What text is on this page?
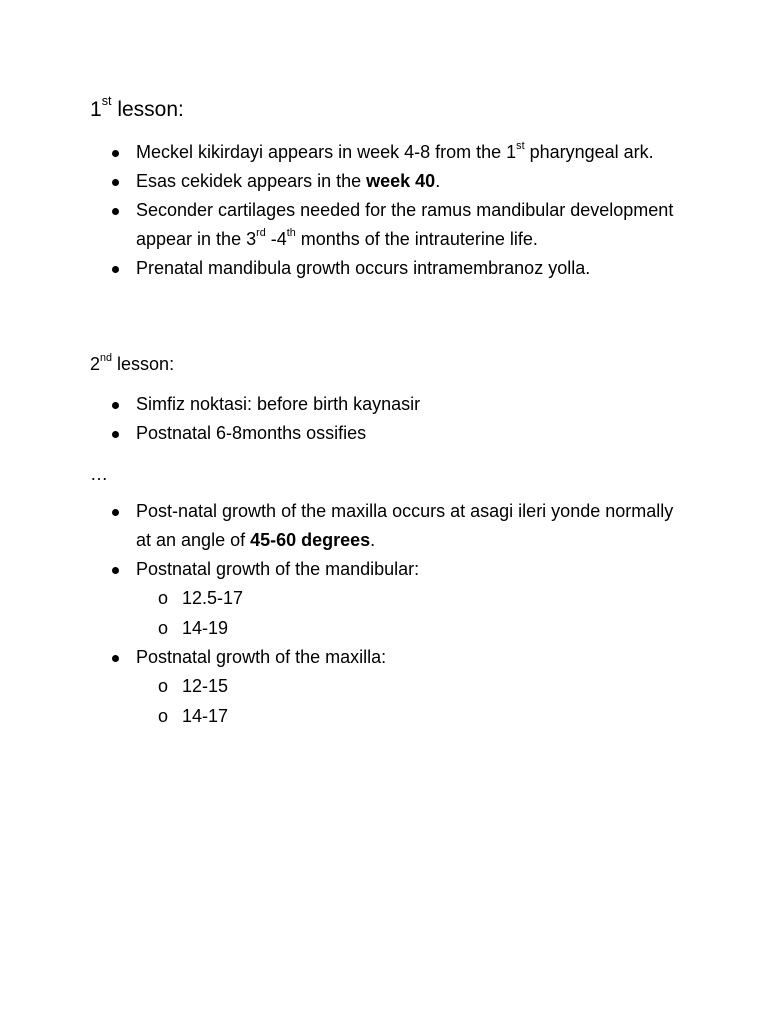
1st lesson:
Meckel kikirdayi appears in week 4-8 from the 1st pharyngeal ark.
Esas cekidek appears in the week 40.
Seconder cartilages needed for the ramus mandibular development appear in the 3rd -4th months of the intrauterine life.
Prenatal mandibula growth occurs intramembranoz yolla.
2nd lesson:
Simfiz noktasi: before birth kaynasir
Postnatal 6-8months ossifies

…

Post-natal growth of the maxilla occurs at asagi ileri yonde normally at an angle of 45-60 degrees.
Postnatal growth of the mandibular:
o 12.5-17
o 14-19
Postnatal growth of the maxilla:
o 12-15
o 14-17
